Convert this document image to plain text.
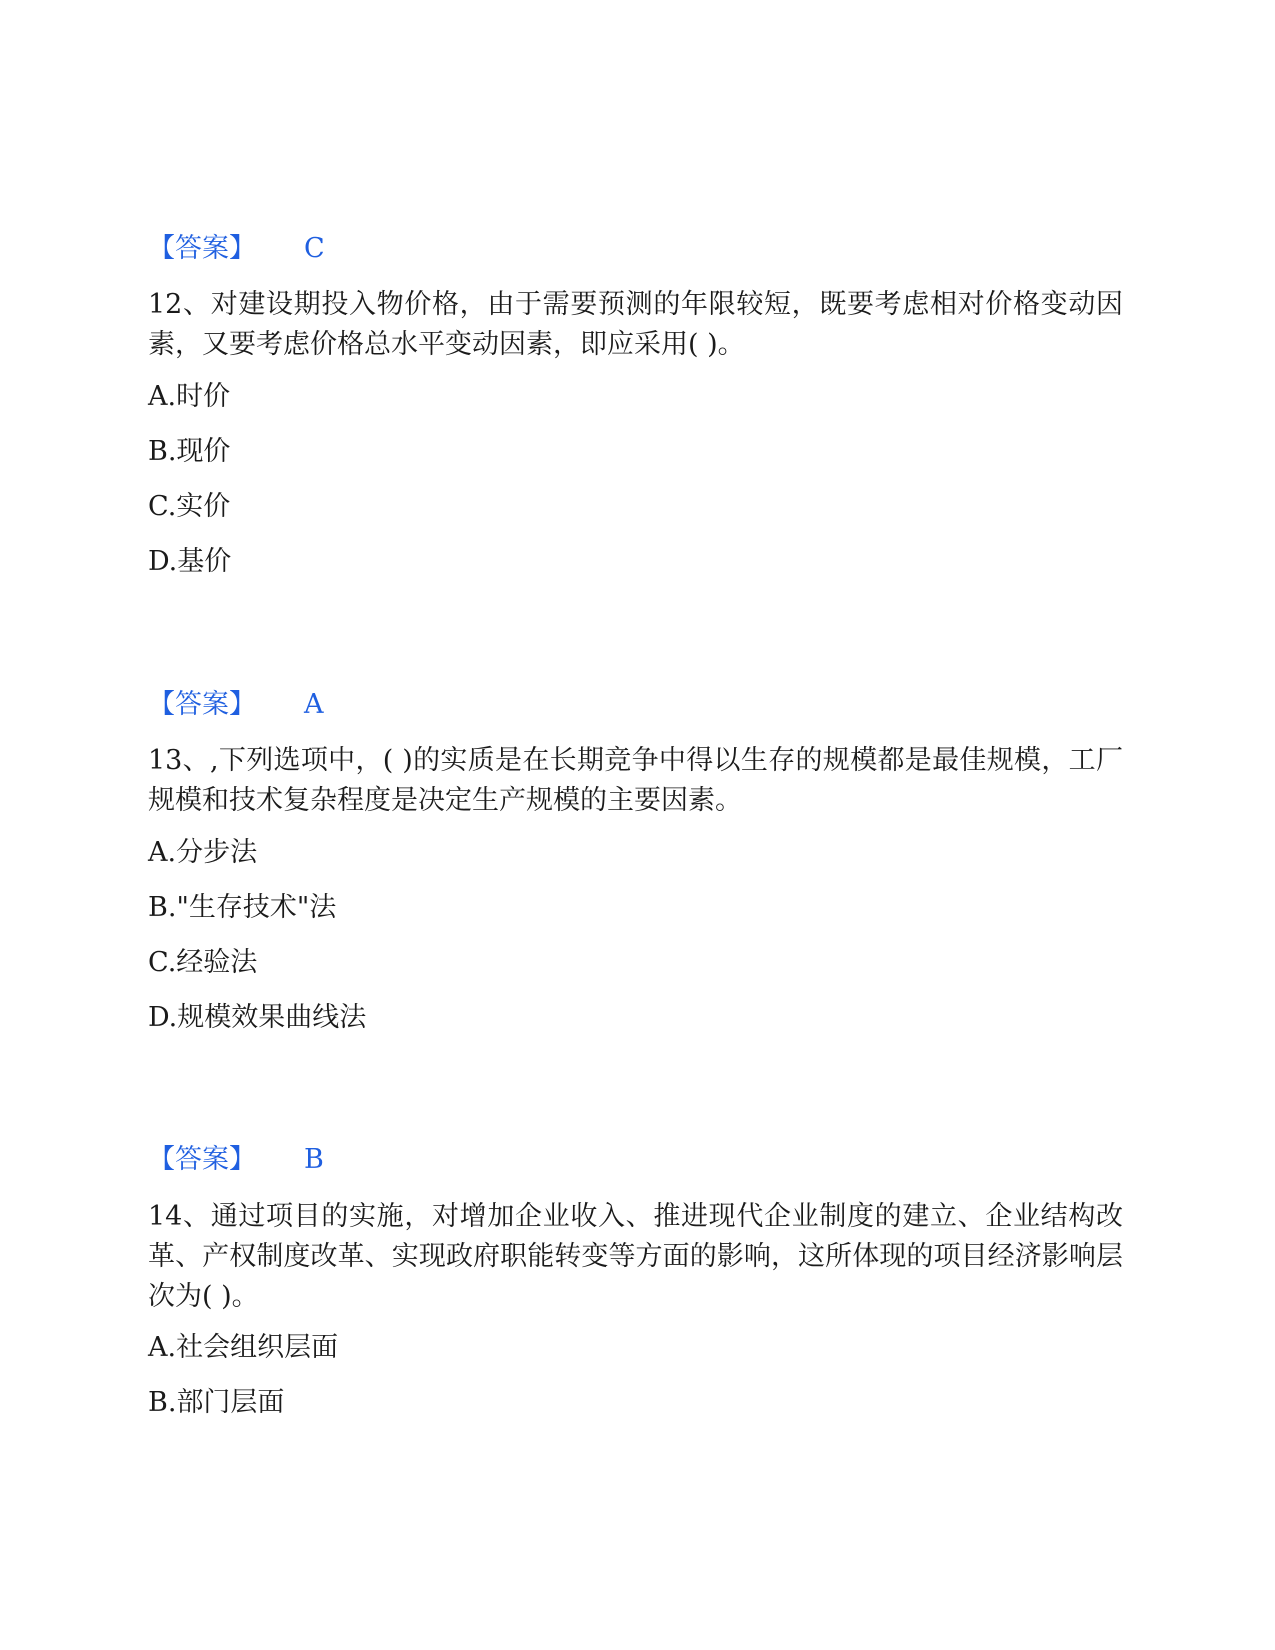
【答案】 C

12、对建设期投入物价格，由于需要预测的年限较短，既要考虑相对价格变动因素，又要考虑价格总水平变动因素，即应采用( )。

A.时价
B.现价
C.实价
D.基价
【答案】 A

13、,下列选项中，( )的实质是在长期竞争中得以生存的规模都是最佳规模，工厂规模和技术复杂程度是决定生产规模的主要因素。

A.分步法
B."生存技术"法
C.经验法
D.规模效果曲线法
【答案】 B

14、通过项目的实施，对增加企业收入、推进现代企业制度的建立、企业结构改革、产权制度改革、实现政府职能转变等方面的影响，这所体现的项目经济影响层次为( )。

A.社会组织层面
B.部门层面
